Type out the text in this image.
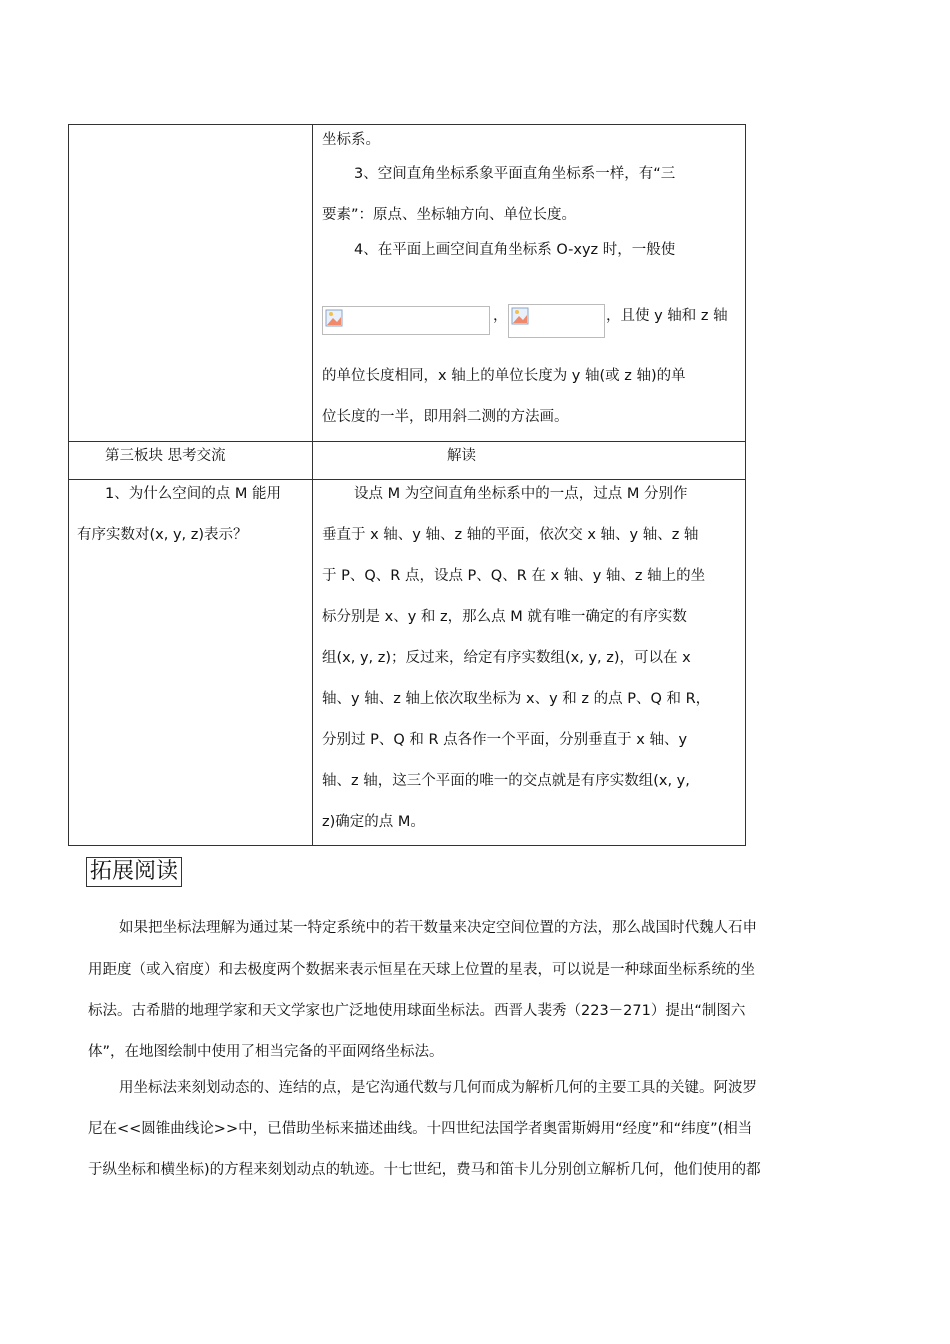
坐标系。
3、空间直角坐标系象平面直角坐标系一样，有“三
要素”：原点、坐标轴方向、单位长度。
4、在平面上画空间直角坐标系 O-xyz 时，一般使
，	，且使 y 轴和 z 轴
的单位长度相同，x 轴上的单位长度为 y 轴(或 z 轴)的单
位长度的一半，即用斜二测的方法画。
第三板块 思考交流	解读
1、为什么空间的点 M 能用
有序实数对(x, y, z)表示？
设点 M 为空间直角坐标系中的一点，过点 M 分别作
垂直于 x 轴、y 轴、z 轴的平面，依次交 x 轴、y 轴、z 轴
于 P、Q、R 点，设点 P、Q、R 在 x 轴、y 轴、z 轴上的坐
标分别是 x、y 和 z，那么点 M 就有唯一确定的有序实数
组(x, y, z)；反过来，给定有序实数组(x, y, z)，可以在 x
轴、y 轴、z 轴上依次取坐标为 x、y 和 z 的点 P、Q 和 R，
分别过 P、Q 和 R 点各作一个平面，分别垂直于 x 轴、y
轴、z 轴，这三个平面的唯一的交点就是有序实数组(x, y,
z)确定的点 M。
拓展阅读
如果把坐标法理解为通过某一特定系统中的若干数量来决定空间位置的方法，那么战国时代魏人石申
用距度（或入宿度）和去极度两个数据来表示恒星在天球上位置的星表，可以说是一种球面坐标系统的坐
标法。古希腊的地理学家和天文学家也广泛地使用球面坐标法。西晋人裴秀（223－271）提出“制图六
体”，在地图绘制中使用了相当完备的平面网络坐标法。
用坐标法来刻划动态的、连结的点，是它沟通代数与几何而成为解析几何的主要工具的关键。阿波罗
尼在<<圆锥曲线论>>中，已借助坐标来描述曲线。十四世纪法国学者奥雷斯姆用“经度”和“纬度”(相当
于纵坐标和横坐标)的方程来刻划动点的轨迹。十七世纪，费马和笛卡儿分别创立解析几何，他们使用的都
